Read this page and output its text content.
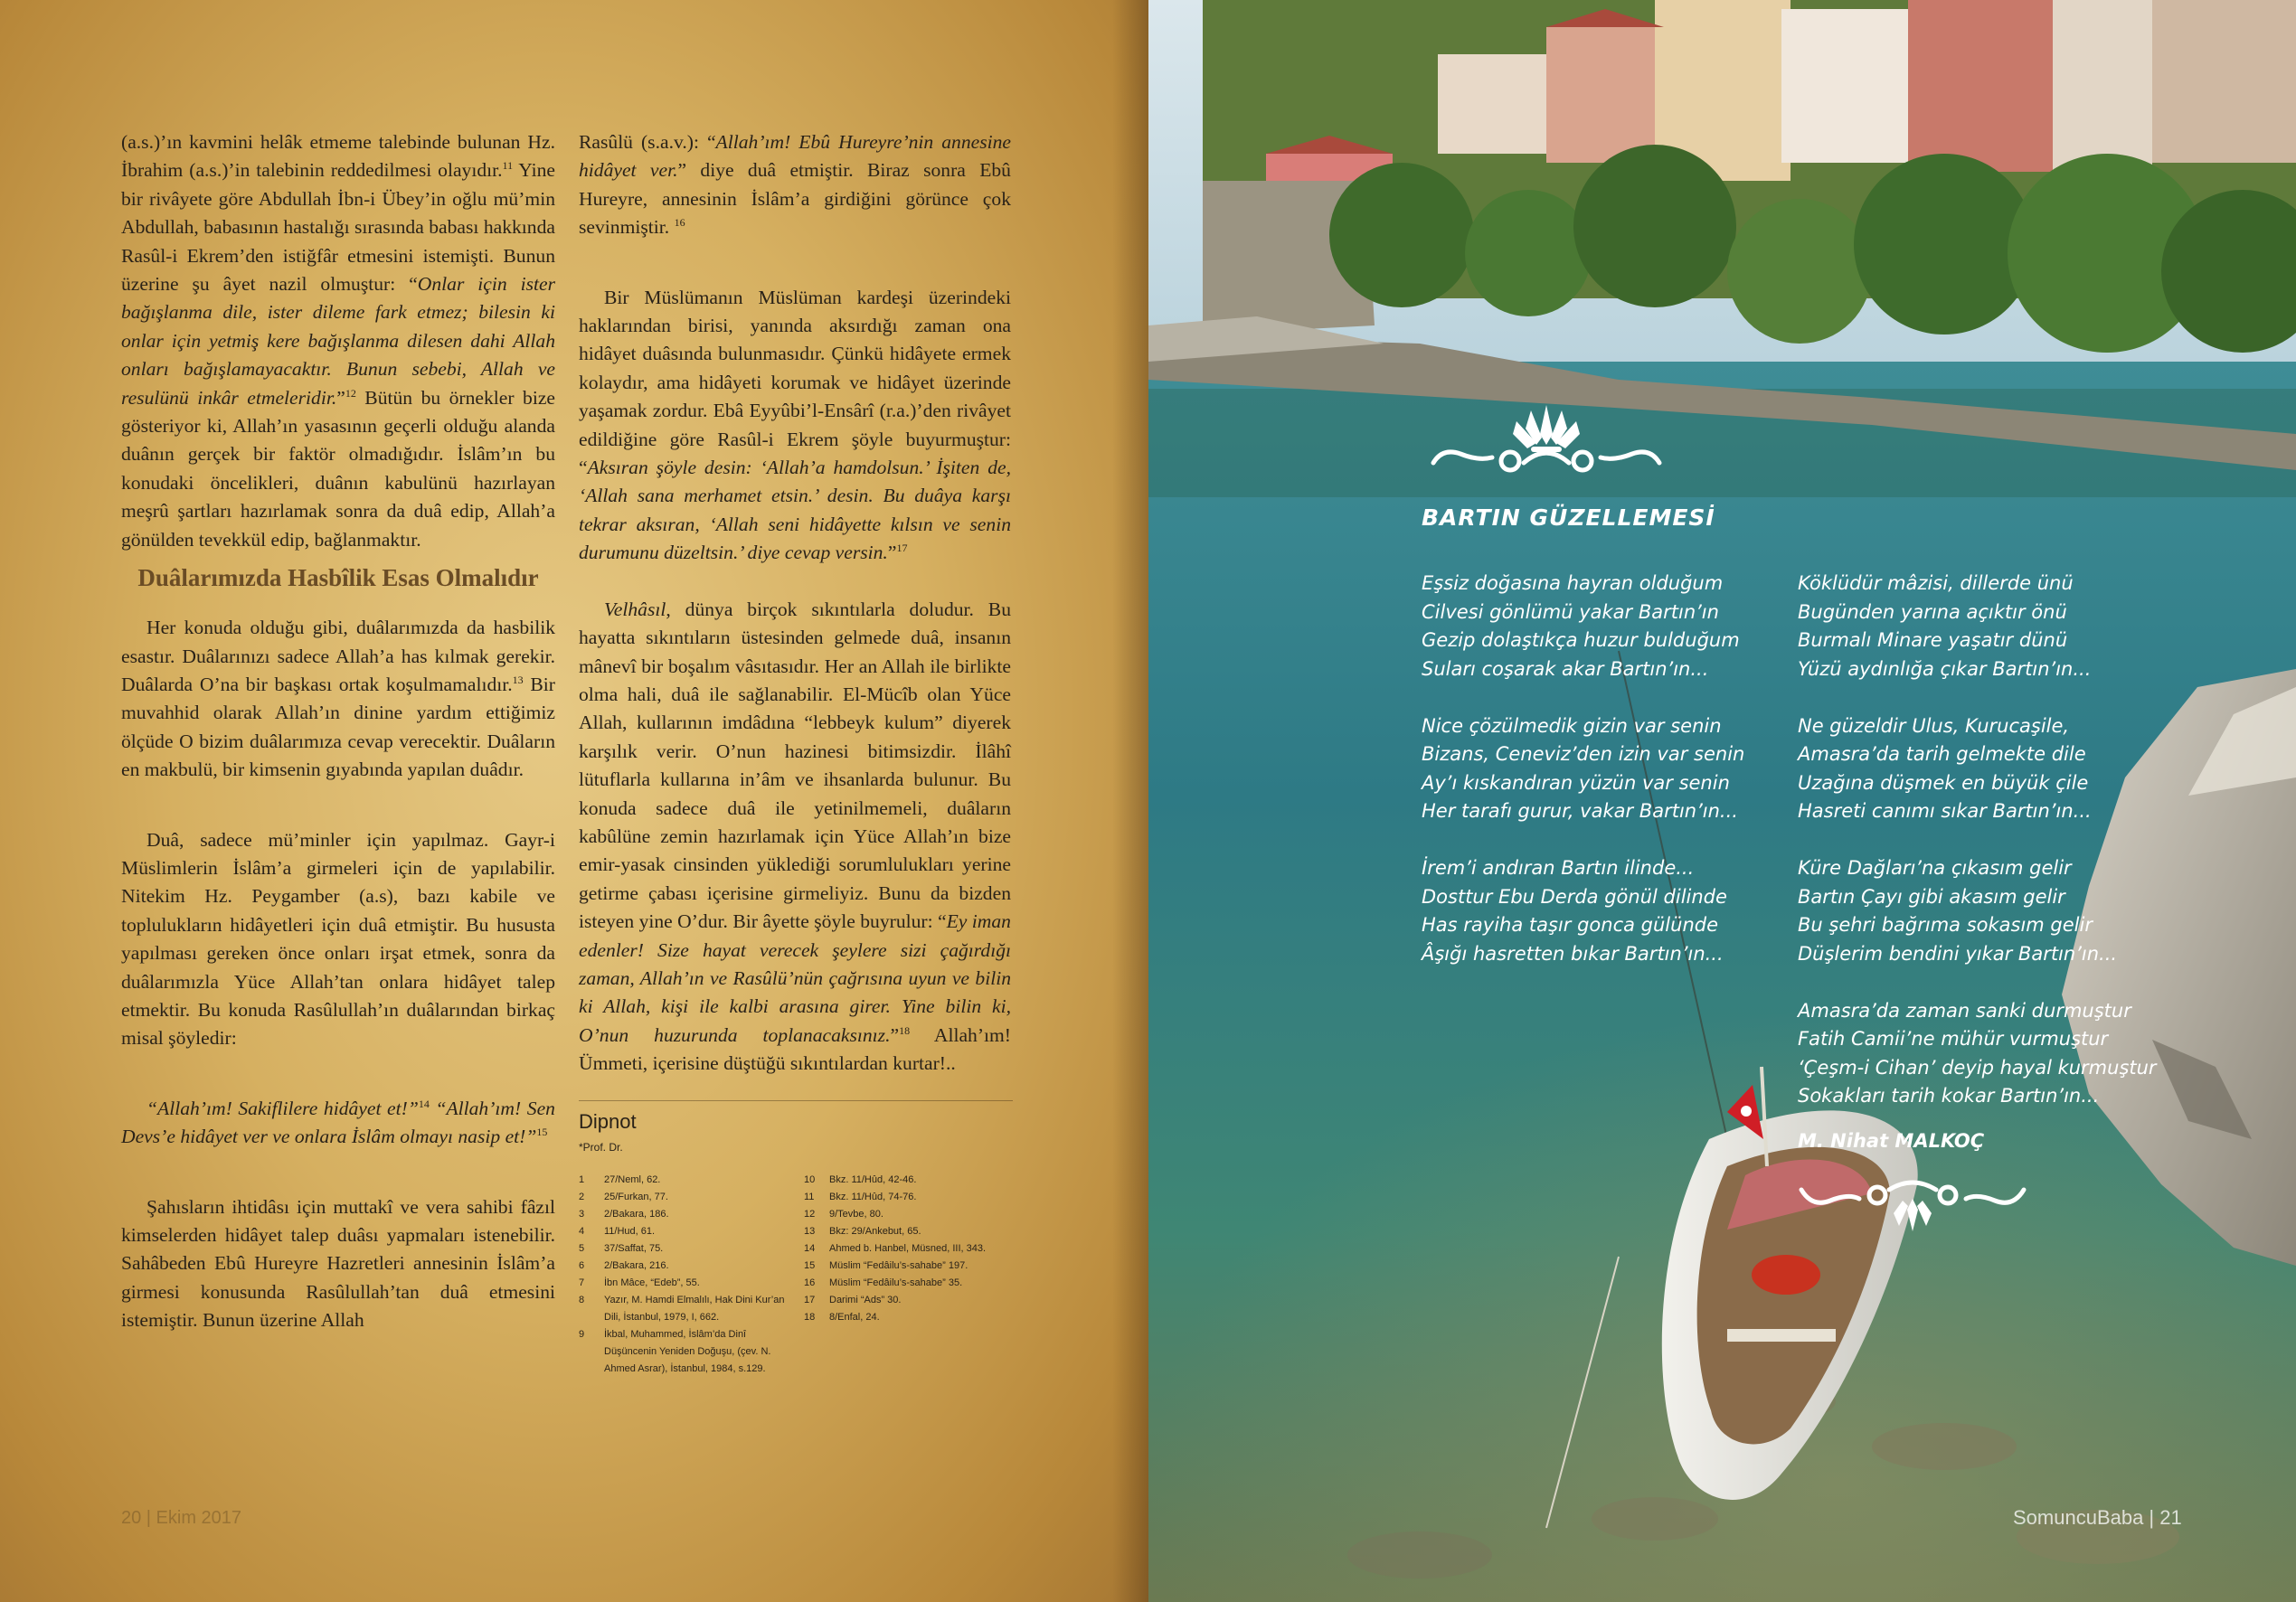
(a.s.)’ın kavmini helâk etmeme talebinde bulunan Hz. İbrahim (a.s.)’in talebinin reddedilmesi olayıdır.$^{11}$ Yine bir rivâyete göre Abdullah İbn-i Übey’in oğlu mü’min Abdullah, babasının hastalığı sırasında babası hakkında Rasûl-i Ekrem’den istiğfâr etmesini istemişti. Bunun üzerine şu âyet nazil olmuştur: “Onlar için ister bağışlanma dile, ister dileme fark etmez; bilesin ki onlar için yetmiş kere bağışlanma dilesen dahi Allah onları bağışlamayacaktır. Bunun sebebi, Allah ve resulünü inkâr etmeleridir.”$^{12}$ Bütün bu örnekler bize gösteriyor ki, Allah’ın yasasının geçerli olduğu alanda duânın gerçek bir faktör olmadığıdır. İslâm’ın bu konudaki öncelikleri, duânın kabulünü hazırlayan meşrû şartları hazırlamak sonra da duâ edip, Allah’a gönülden tevekkül edip, bağlanmaktır.

Duâlarımızda Hasbîlik Esas Olmalıdır

Her konuda olduğu gibi, duâlarımızda da hasbilik esastır. Duâlarınızı sadece Allah’a has kılmak gerekir. Duâlarda O’na bir başkası ortak koşulmamalıdır.$^{13}$ Bir muvahhid olarak Allah’ın dinine yardım ettiğimiz ölçüde O bizim duâlarımıza cevap verecektir. Duâların en makbulü, bir kimsenin gıyabında yapılan duâdır.

Duâ, sadece mü’minler için yapılmaz. Gayr-i Müslimlerin İslâm’a girmeleri için de yapılabilir. Nitekim Hz. Peygamber (a.s), bazı kabile ve toplulukların hidâyetleri için duâ etmiştir. Bu hususta yapılması gereken önce onları irşat etmek, sonra da duâlarımızla Yüce Allah’tan onlara hidâyet talep etmektir. Bu konuda Rasûlullah’ın duâlarından birkaç misal şöyledir:

“Allah’ım! Sakiflilere hidâyet et!”$^{14}$ “Allah’ım! Sen Devs’e hidâyet ver ve onlara İslâm olmayı nasip et!”$^{15}$

Şahısların ihtidâsı için muttakî ve vera sahibi fâzıl kimselerden hidâyet talep duâsı yapmaları istenebilir. Sahâbeden Ebû Hureyre Hazretleri annesinin İslâm’a girmesi konusunda Rasûlullah’tan duâ etmesini istemiştir. Bunun üzerine Allah

Rasûlü (s.a.v.): “Allah’ım! Ebû Hureyre’nin annesine hidâyet ver.” diye duâ etmiştir. Biraz sonra Ebû Hureyre, annesinin İslâm’a girdiğini görünce çok sevinmiştir. $^{16}$

Bir Müslümanın Müslüman kardeşi üzerindeki haklarından birisi, yanında aksırdığı zaman ona hidâyet duâsında bulunmasıdır. Çünkü hidâyete ermek kolaydır, ama hidâyeti korumak ve hidâyet üzerinde yaşamak zordur. Ebâ Eyyûbi’l-Ensârî (r.a.)’den rivâyet edildiğine göre Rasûl-i Ekrem şöyle buyurmuştur: “Aksıran şöyle desin: ‘Allah’a hamdolsun.’ İşiten de, ‘Allah sana merhamet etsin.’ desin. Bu duâya karşı tekrar aksıran, ‘Allah seni hidâyette kılsın ve senin durumunu düzeltsin.’ diye cevap versin.”$^{17}$

Velhâsıl, dünya birçok sıkıntılarla doludur. Bu hayatta sıkıntıların üstesinden gelmede duâ, insanın mânevî bir boşalım vâsıtasıdır. Her an Allah ile birlikte olma hali, duâ ile sağlanabilir. El-Mücîb olan Yüce Allah, kullarının imdâdına “lebbeyk kulum” diyerek karşılık verir. O’nun hazinesi bitimsizdir. İlâhî lütuflarla kullarına in’âm ve ihsanlarda bulunur. Bu konuda sadece duâ ile yetinilmemeli, duâların kabûlüne zemin hazırlamak için Yüce Allah’ın bize emir-yasak cinsinden yüklediği sorumlulukları yerine getirme çabası içerisine girmeliyiz. Bunu da bizden isteyen yine O’dur. Bir âyette şöyle buyrulur: “Ey iman edenler! Size hayat verecek şeylere sizi çağırdığı zaman, Allah’ın ve Rasûlü’nün çağrısına uyun ve bilin ki Allah, kişi ile kalbi arasına girer. Yine bilin ki, O’nun huzurunda toplanacaksınız.”$^{18}$ Allah’ım! Ümmeti, içerisine düştüğü sıkıntılardan kurtar!..

Dipnot
*Prof. Dr.
1	27/Neml, 62.
2	25/Furkan, 77.
3	2/Bakara, 186.
4	11/Hud, 61.
5	37/Saffat, 75.
6	2/Bakara, 216.
7	İbn Mâce, “Edeb”, 55.
8	Yazır, M. Hamdi Elmalılı, Hak Dini Kur’an Dili, İstanbul, 1979, I, 662.
9	İkbal, Muhammed, İslâm’da Dinî Düşüncenin Yeniden Doğuşu, (çev. N. Ahmed Asrar), İstanbul, 1984, s.129.
10	Bkz. 11/Hûd, 42-46.
11	Bkz. 11/Hûd, 74-76.
12	9/Tevbe, 80.
13	Bkz: 29/Ankebut, 65.
14	Ahmed b. Hanbel, Müsned, III, 343.
15	Müslim “Fedâilu’s-sahabe” 197.
16	Müslim “Fedâilu’s-sahabe” 35.
17	Darimi “Ads” 30.
18	8/Enfal, 24.
20 | Ekim 2017
BARTIN GÜZELLEMESİ
Eşsiz doğasına hayran olduğum
Cilvesi gönlümü yakar Bartın’ın
Gezip dolaştıkça huzur bulduğum
Suları coşarak akar Bartın’ın...
Nice çözülmedik gizin var senin
Bizans, Ceneviz’den izin var senin
Ay’ı kıskandıran yüzün var senin
Her tarafı gurur, vakar Bartın’ın...
İrem’i andıran Bartın ilinde...
Dosttur Ebu Derda gönül dilinde
Has rayiha taşır gonca gülünde
Âşığı hasretten bıkar Bartın’ın...
Köklüdür mâzisi, dillerde ünü
Bugünden yarına açıktır önü
Burmalı Minare yaşatır dünü
Yüzü aydınlığa çıkar Bartın’ın...
Ne güzeldir Ulus, Kurucaşile,
Amasra’da tarih gelmekte dile
Uzağına düşmek en büyük çile
Hasreti canımı sıkar Bartın’ın...
Küre Dağları’na çıkasım gelir
Bartın Çayı gibi akasım gelir
Bu şehri bağrıma sokasım gelir
Düşlerim bendini yıkar Bartın’ın...
Amasra’da zaman sanki durmuştur
Fatih Camii’ne mühür vurmuştur
‘Çeşm-i Cihan’ deyip hayal kurmuştur
Sokakları tarih kokar Bartın’ın...
M. Nihat MALKOÇ
SomuncuBaba | 21
